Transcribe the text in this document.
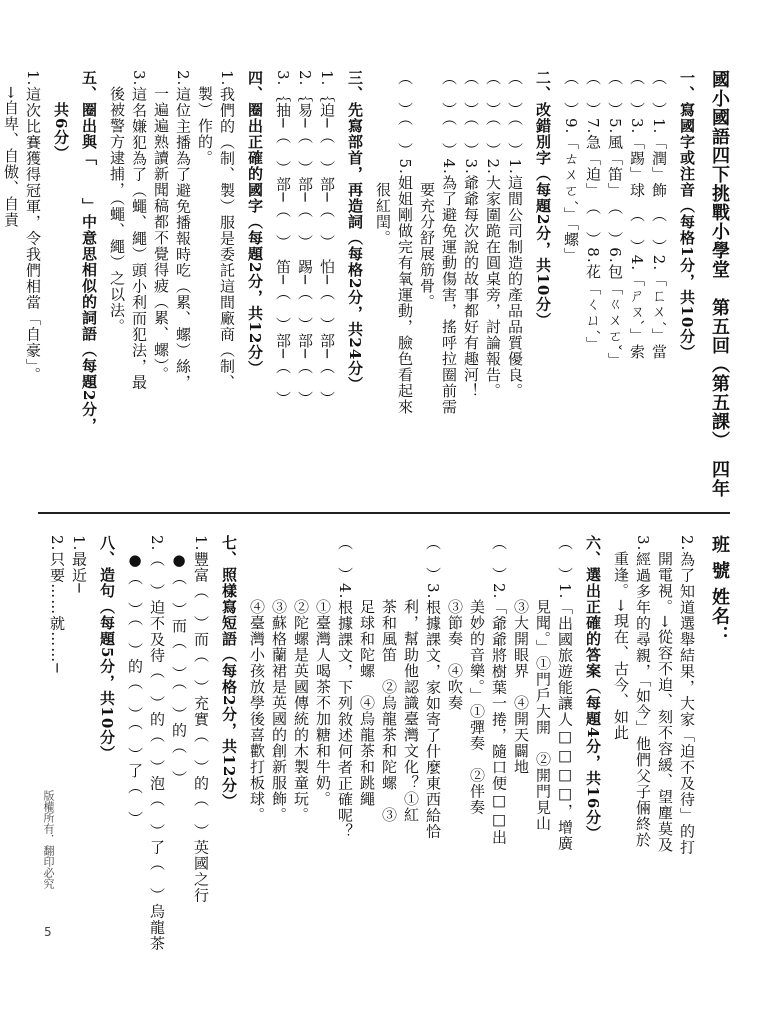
國小國語四下挑戰小學堂　第五回（第五課）　四年
一、寫國字或注音（每格1分，共10分）
（　）1.「潤」飾　（　）2.「ㄈㄨˊ」當
（　）3.「踢」球　（　）4.「ㄕㄡˋ」索
（　）5.風「笛」　（　）6.包「ㄍㄨㄛˇ」
（　）7.急「迫」　（　）8.花「ㄑㄩˊ」
（　）9.「ㄊㄨㄛˊ」「螺」
二、改錯別字（每題2分，共10分）
（　）（　）1.這間公司制造的產品品質優良。
（　）（　）2.大家圍跪在圓桌旁，討論報告。
（　）（　）3.爺爺每次說的故事都好有趣河！
（　）（　）4.為了避免運動傷害，搖呼拉圈前需
　　　　　　　要充分舒展筋骨。
（　）（　）5.姐姐剛做完有氧運動，臉色看起來
　　　　　　　很紅閏。
三、先寫部首，再造詞（每格2分，共24分）
1.｛迫─（　）部─（　）　怕─（　）部─（　）
2.｛易─（　）部─（　）　踢─（　）部─（　）
3.｛抽─（　）部─（　）　笛─（　）部─（　）
四、圈出正確的國字（每題2分，共12分）
1.我們的（制、製）服是委託這間廠商（制、
　製）作的。
2.這位主播為了避免播報時吃（累、螺）絲，
　一遍遍熟讀新聞稿都不覺得疲（累、螺）。
3.這名嫌犯為了（蠅、繩）頭小利而犯法，最
　後被警方逮捕，（蠅、繩）之以法。
五、圈出與「　　」中意思相似的詞語（每題2分，
　　共6分）
1.這次比賽獲得冠軍，令我們相當「自豪」。
　→自卑、自傲、自責
班 號 姓名：
2.為了知道選舉結果，大家「迫不及待」的打
　開電視。→從容不迫、刻不容緩、望塵莫及
3.經過多年的尋親，「如今」他們父子倆終於
　重逢。→現在、古今、如此
六、選出正確的答案（每題4分，共16分）
（　）1.「出國旅遊能讓人□□□□，增廣
　　　　見聞。」①門戶大開　②開門見山
　　　　③大開眼界　④開天闢地
（　）2.「爺爺將樹葉一捲，隨口便□□出
　　　　美妙的音樂。」①彈奏　②伴奏
　　　　③節奏　④吹奏
（　）3.根據課文，家如寄了什麼東西給恰
　　　　利，幫助他認識臺灣文化？①紅
　　　　茶和風笛　②烏龍茶和陀螺　③
　　　　足球和陀螺　④烏龍茶和跳繩
（　）4.根據課文，下列敘述何者正確呢？
　　　　①臺灣人喝茶不加糖和牛奶。
　　　　②陀螺是英國傳統的木製童玩。
　　　　③蘇格蘭裙是英國的創新服飾。
　　　　④臺灣小孩放學後喜歡打板球。
七、照樣寫短語（每格2分，共12分）
1.豐富（　）而（　）充實（　）的（　）英國之行
　●（　）而（　）（　）的（　）
2.（　）迫不及待（　）的（　）泡（　）了（　）烏龍茶
　●（　）（　）的（　）（　）了（　）
八、造句（每題5分，共10分）
1.最近─
2.只要……就……─
版權所有．翻印必究
5
